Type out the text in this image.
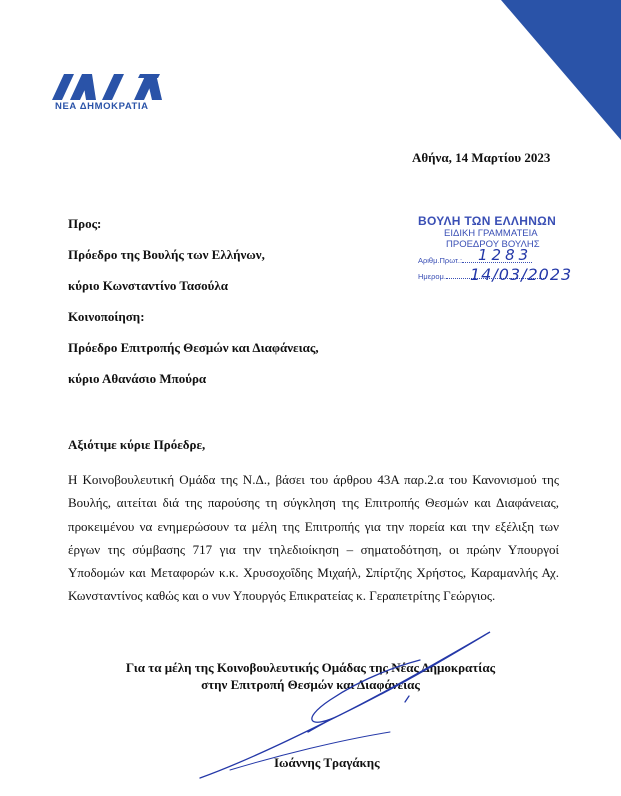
ΝΕΑ ΔΗΜΟΚΡΑΤΙΑ
Αθήνα, 14 Μαρτίου 2023
Προς:
Πρόεδρο της Βουλής των Ελλήνων,
κύριο Κωνσταντίνο Τασούλα
Κοινοποίηση:
Πρόεδρο Επιτροπής Θεσμών και Διαφάνειας,
κύριο Αθανάσιο Μπούρα
ΒΟΥΛΗ ΤΩΝ ΕΛΛΗΝΩΝ
ΕΙΔΙΚΗ ΓΡΑΜΜΑΤΕΙΑ
ΠΡΟΕΔΡΟΥ ΒΟΥΛΗΣ
Αριθμ.Πρωτ.:
Ημερομ.
1283
14/03/2023
Αξιότιμε κύριε Πρόεδρε,
Η Κοινοβουλευτική Ομάδα της Ν.Δ., βάσει του άρθρου 43Α παρ.2.α του Κανονισμού της Βουλής, αιτείται διά της παρούσης τη σύγκληση της Επιτροπής Θεσμών και Διαφάνειας, προκειμένου να ενημερώσουν τα μέλη της Επιτροπής για την πορεία και την εξέλιξη των έργων της σύμβασης 717 για την τηλεδιοίκηση – σηματοδότηση, οι πρώην Υπουργοί Υποδομών και Μεταφορών κ.κ. Χρυσοχοΐδης Μιχαήλ, Σπίρτζης Χρήστος, Καραμανλής Αχ. Κωνσταντίνος καθώς και ο νυν Υπουργός Επικρατείας κ. Γεραπετρίτης Γεώργιος.
Για τα μέλη της Κοινοβουλευτικής Ομάδας της Νέας Δημοκρατίας
στην Επιτροπή Θεσμών και Διαφάνειας
Ιωάννης Τραγάκης
